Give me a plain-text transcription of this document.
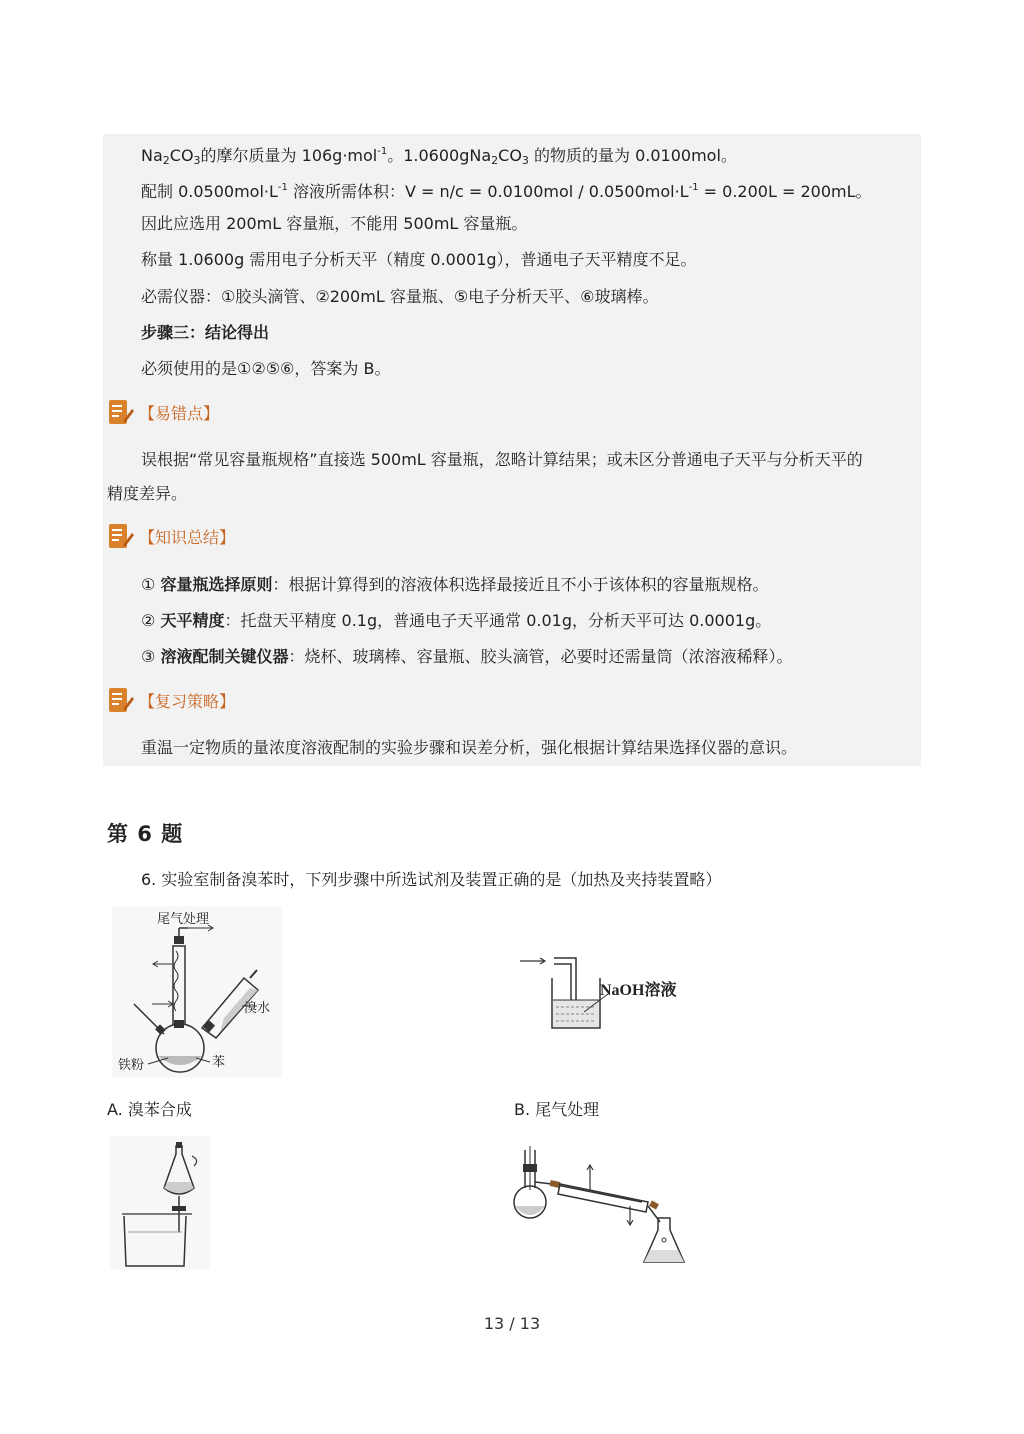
$Na_2CO_3$的摩尔质量为 106g·mol$^{-1}$。$1.0600gNa_2CO_3$ 的物质的量为 0.0100mol。
配制 $0.0500mol\cdot L^{-1}$ 溶液所需体积：$V = n/c = 0.0100mol / 0.0500mol\cdot L^{-1} = 0.200L = 200mL$。
因此应选用 200mL 容量瓶，不能用 500mL 容量瓶。
称量 1.0600g 需用电子分析天平（精度 0.0001g），普通电子天平精度不足。
必需仪器：①胶头滴管、②200mL 容量瓶、⑤电子分析天平、⑥玻璃棒。
步骤三：结论得出
必须使用的是①②⑤⑥，答案为 B。
【易错点】
误根据“常见容量瓶规格”直接选 500mL 容量瓶，忽略计算结果；或未区分普通电子天平与分析天平的
精度差异。
【知识总结】
① 容量瓶选择原则：根据计算得到的溶液体积选择最接近且不小于该体积的容量瓶规格。
② 天平精度：托盘天平精度 0.1g，普通电子天平通常 0.01g，分析天平可达 0.0001g。
③ 溶液配制关键仪器：烧杯、玻璃棒、容量瓶、胶头滴管，必要时还需量筒（浓溶液稀释）。
【复习策略】
重温一定物质的量浓度溶液配制的实验步骤和误差分析，强化根据计算结果选择仪器的意识。
第 6 题
6. 实验室制备溴苯时，下列步骤中所选试剂及装置正确的是（加热及夹持装置略）
尾气处理
溴水
铁粉	苯
A. 溴苯合成
NaOH溶液
B. 尾气处理
13 / 13
